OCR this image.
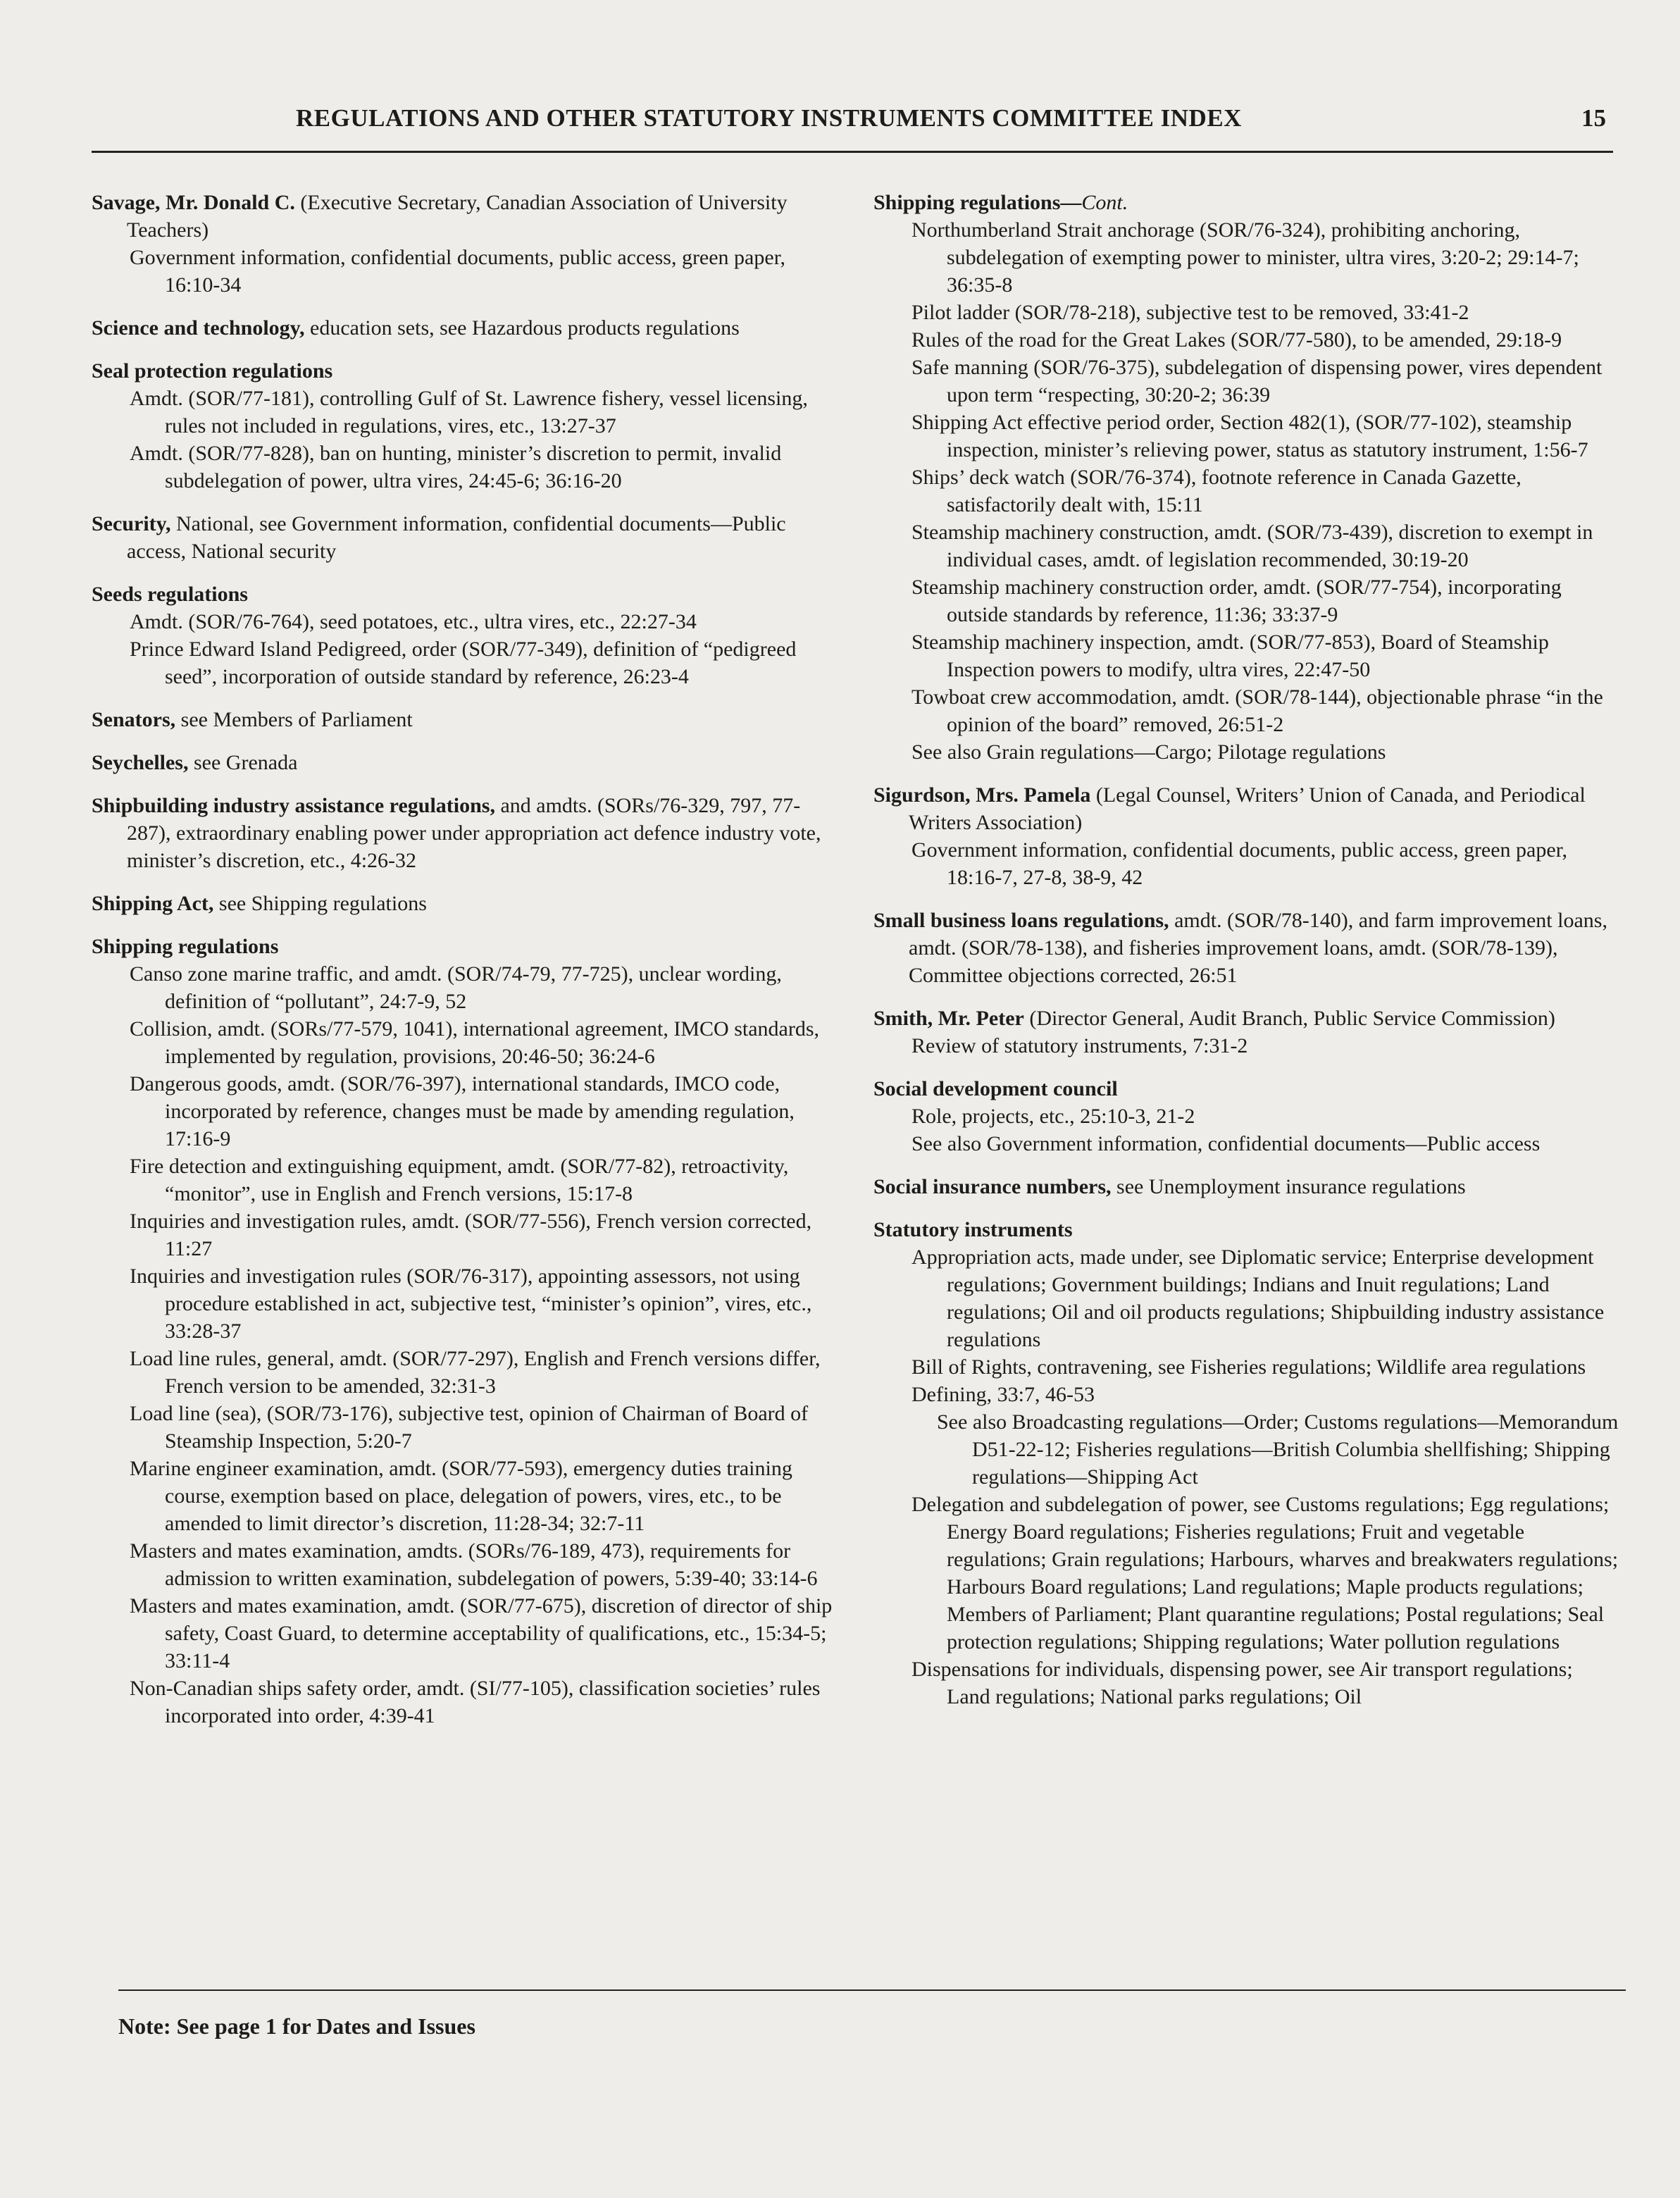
REGULATIONS AND OTHER STATUTORY INSTRUMENTS COMMITTEE INDEX	15
Savage, Mr. Donald C. (Executive Secretary, Canadian Association of University Teachers)
Government information, confidential documents, public access, green paper, 16:10-34
Science and technology, education sets, see Hazardous products regulations
Seal protection regulations
Amdt. (SOR/77-181), controlling Gulf of St. Lawrence fishery, vessel licensing, rules not included in regulations, vires, etc., 13:27-37
Amdt. (SOR/77-828), ban on hunting, minister’s discretion to permit, invalid subdelegation of power, ultra vires, 24:45-6; 36:16-20
Security, National, see Government information, confidential documents—Public access, National security
Seeds regulations
Amdt. (SOR/76-764), seed potatoes, etc., ultra vires, etc., 22:27-34
Prince Edward Island Pedigreed, order (SOR/77-349), definition of “pedigreed seed”, incorporation of outside standard by reference, 26:23-4
Senators, see Members of Parliament
Seychelles, see Grenada
Shipbuilding industry assistance regulations, and amdts. (SORs/76-329, 797, 77-287), extraordinary enabling power under appropriation act defence industry vote, minister’s discretion, etc., 4:26-32
Shipping Act, see Shipping regulations
Shipping regulations
Canso zone marine traffic, and amdt. (SOR/74-79, 77-725), unclear wording, definition of “pollutant”, 24:7-9, 52
Collision, amdt. (SORs/77-579, 1041), international agreement, IMCO standards, implemented by regulation, provisions, 20:46-50; 36:24-6
Dangerous goods, amdt. (SOR/76-397), international standards, IMCO code, incorporated by reference, changes must be made by amending regulation, 17:16-9
Fire detection and extinguishing equipment, amdt. (SOR/77-82), retroactivity, “monitor”, use in English and French versions, 15:17-8
Inquiries and investigation rules, amdt. (SOR/77-556), French version corrected, 11:27
Inquiries and investigation rules (SOR/76-317), appointing assessors, not using procedure established in act, subjective test, “minister’s opinion”, vires, etc., 33:28-37
Load line rules, general, amdt. (SOR/77-297), English and French versions differ, French version to be amended, 32:31-3
Load line (sea), (SOR/73-176), subjective test, opinion of Chairman of Board of Steamship Inspection, 5:20-7
Marine engineer examination, amdt. (SOR/77-593), emergency duties training course, exemption based on place, delegation of powers, vires, etc., to be amended to limit director’s discretion, 11:28-34; 32:7-11
Masters and mates examination, amdts. (SORs/76-189, 473), requirements for admission to written examination, subdelegation of powers, 5:39-40; 33:14-6
Masters and mates examination, amdt. (SOR/77-675), discretion of director of ship safety, Coast Guard, to determine acceptability of qualifications, etc., 15:34-5; 33:11-4
Non-Canadian ships safety order, amdt. (SI/77-105), classification societies’ rules incorporated into order, 4:39-41
Shipping regulations—Cont.
Northumberland Strait anchorage (SOR/76-324), prohibiting anchoring, subdelegation of exempting power to minister, ultra vires, 3:20-2; 29:14-7; 36:35-8
Pilot ladder (SOR/78-218), subjective test to be removed, 33:41-2
Rules of the road for the Great Lakes (SOR/77-580), to be amended, 29:18-9
Safe manning (SOR/76-375), subdelegation of dispensing power, vires dependent upon term “respecting, 30:20-2; 36:39
Shipping Act effective period order, Section 482(1), (SOR/77-102), steamship inspection, minister’s relieving power, status as statutory instrument, 1:56-7
Ships’ deck watch (SOR/76-374), footnote reference in Canada Gazette, satisfactorily dealt with, 15:11
Steamship machinery construction, amdt. (SOR/73-439), discretion to exempt in individual cases, amdt. of legislation recommended, 30:19-20
Steamship machinery construction order, amdt. (SOR/77-754), incorporating outside standards by reference, 11:36; 33:37-9
Steamship machinery inspection, amdt. (SOR/77-853), Board of Steamship Inspection powers to modify, ultra vires, 22:47-50
Towboat crew accommodation, amdt. (SOR/78-144), objectionable phrase “in the opinion of the board” removed, 26:51-2
See also Grain regulations—Cargo; Pilotage regulations
Sigurdson, Mrs. Pamela (Legal Counsel, Writers’ Union of Canada, and Periodical Writers Association)
Government information, confidential documents, public access, green paper, 18:16-7, 27-8, 38-9, 42
Small business loans regulations, amdt. (SOR/78-140), and farm improvement loans, amdt. (SOR/78-138), and fisheries improvement loans, amdt. (SOR/78-139), Committee objections corrected, 26:51
Smith, Mr. Peter (Director General, Audit Branch, Public Service Commission)
Review of statutory instruments, 7:31-2
Social development council
Role, projects, etc., 25:10-3, 21-2
See also Government information, confidential documents—Public access
Social insurance numbers, see Unemployment insurance regulations
Statutory instruments
Appropriation acts, made under, see Diplomatic service; Enterprise development regulations; Government buildings; Indians and Inuit regulations; Land regulations; Oil and oil products regulations; Shipbuilding industry assistance regulations
Bill of Rights, contravening, see Fisheries regulations; Wildlife area regulations
Defining, 33:7, 46-53
See also Broadcasting regulations—Order; Customs regulations—Memorandum D51-22-12; Fisheries regulations—British Columbia shellfishing; Shipping regulations—Shipping Act
Delegation and subdelegation of power, see Customs regulations; Egg regulations; Energy Board regulations; Fisheries regulations; Fruit and vegetable regulations; Grain regulations; Harbours, wharves and breakwaters regulations; Harbours Board regulations; Land regulations; Maple products regulations; Members of Parliament; Plant quarantine regulations; Postal regulations; Seal protection regulations; Shipping regulations; Water pollution regulations
Dispensations for individuals, dispensing power, see Air transport regulations; Land regulations; National parks regulations; Oil
Note: See page 1 for Dates and Issues
